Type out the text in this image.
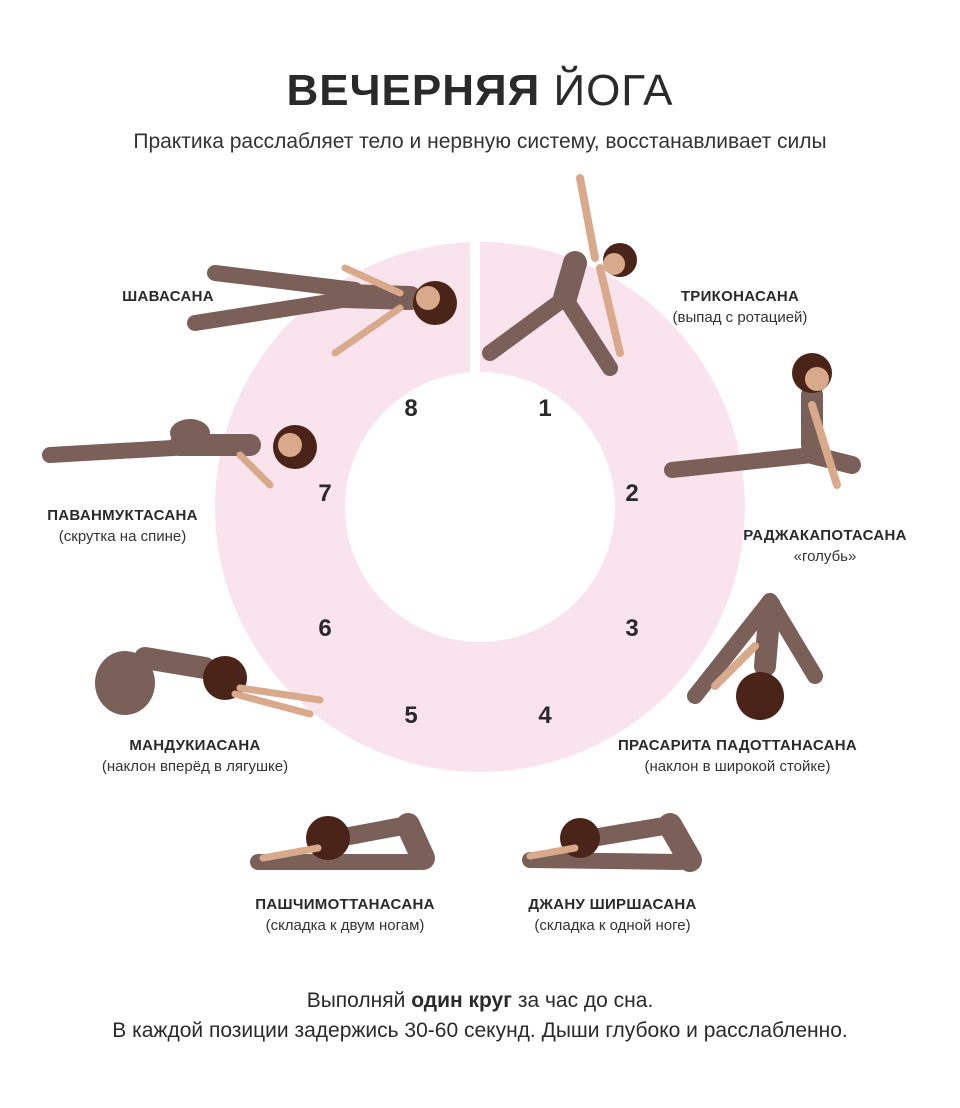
ВЕЧЕРНЯЯ ЙОГА
Практика расслабляет тело и нервную систему, восстанавливает силы
1
2
3
4
5
6
7
8
ТРИКОНАСАНА
(выпад с ротацией)
РАДЖАКАПОТАСАНА
«голубь»
ПРАСАРИТА ПАДОТТАНАСАНА
(наклон в широкой стойке)
ДЖАНУ ШИРШАСАНА
(складка к одной ноге)
ПАШЧИМОТТАНАСАНА
(складка к двум ногам)
МАНДУКИАСАНА
(наклон вперёд в лягушке)
ПАВАНМУКТАСАНА
(скрутка на спине)
ШАВАСАНА
Выполняй один круг за час до сна.
В каждой позиции задержись 30-60 секунд. Дыши глубоко и расслабленно.
